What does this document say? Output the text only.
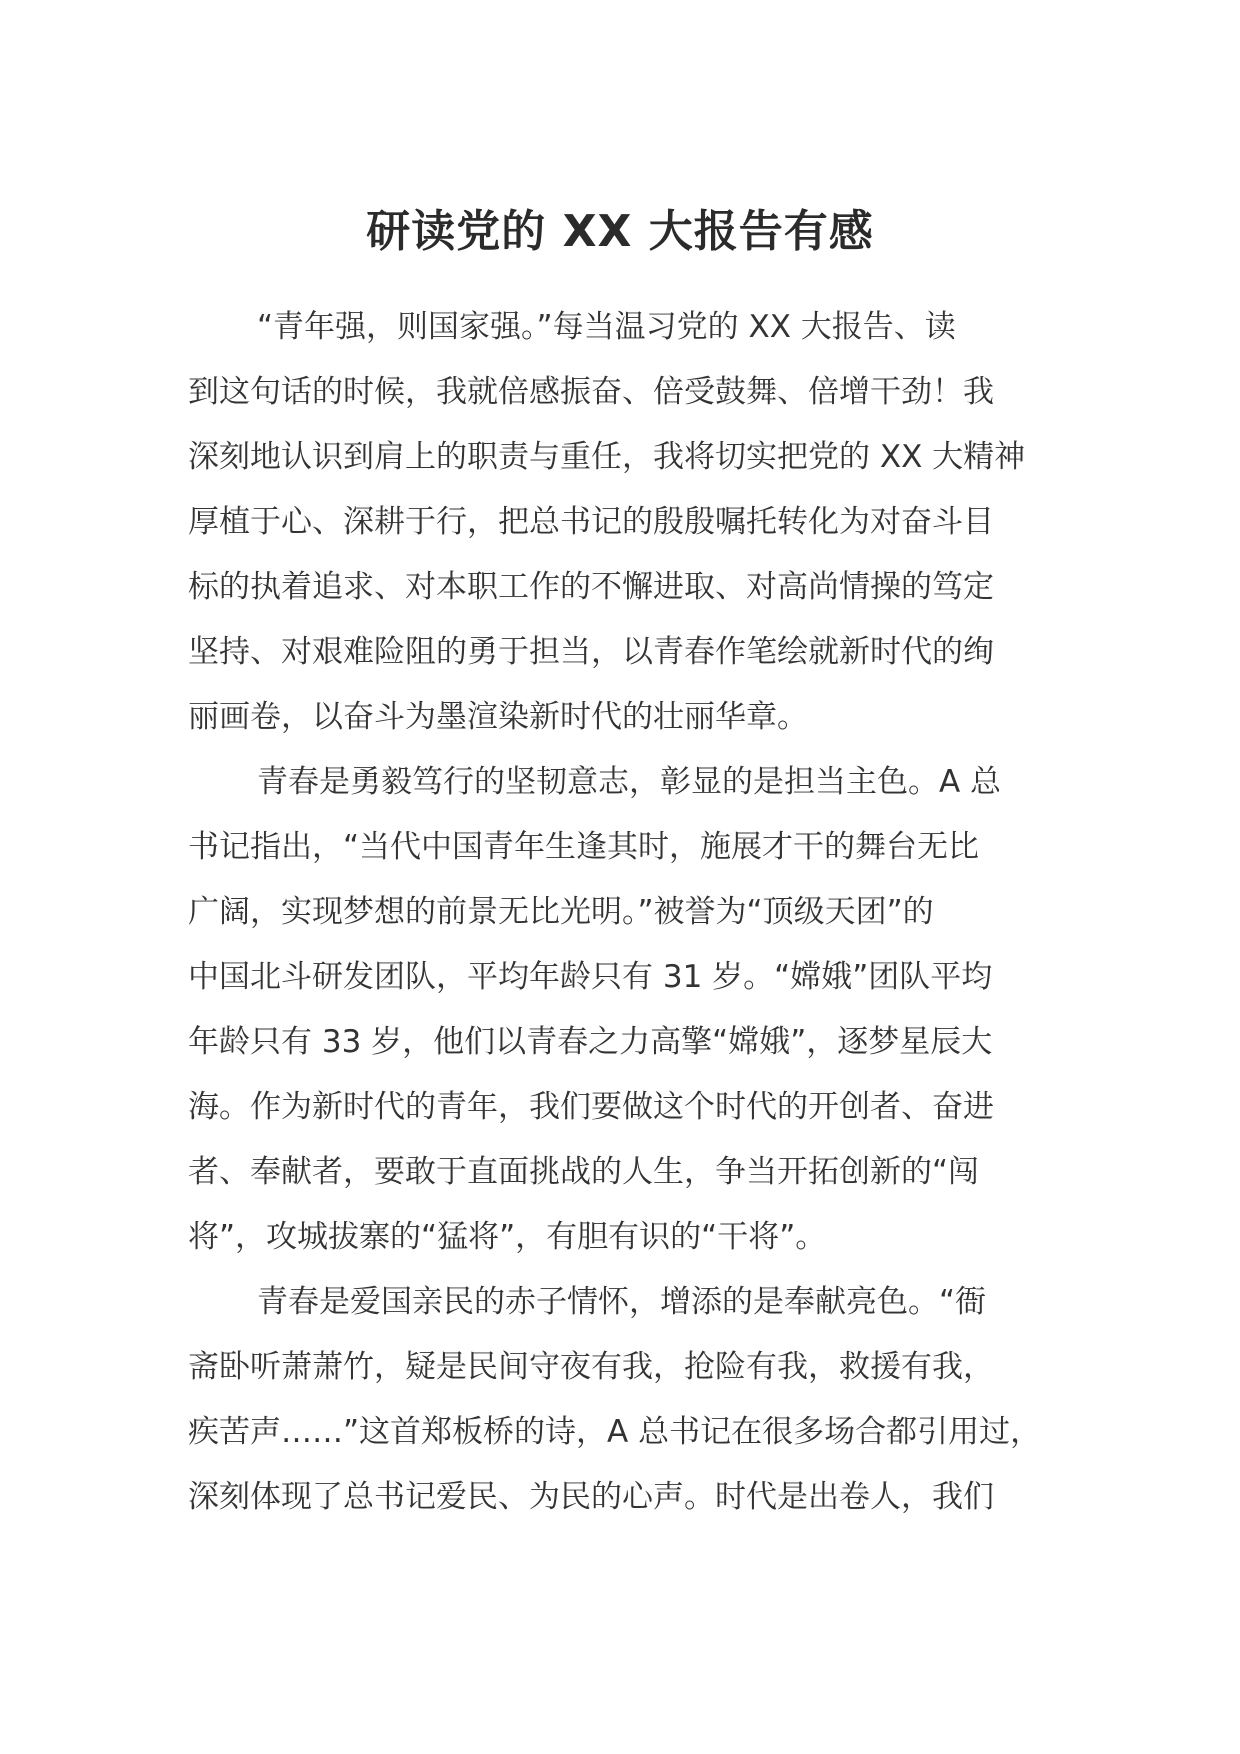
研读党的 XX 大报告有感

“青年强，则国家强。”每当温习党的 XX 大报告、读
到这句话的时候，我就倍感振奋、倍受鼓舞、倍增干劲！我
深刻地认识到肩上的职责与重任，我将切实把党的 XX 大精神
厚植于心、深耕于行，把总书记的殷殷嘱托转化为对奋斗目
标的执着追求、对本职工作的不懈进取、对高尚情操的笃定
坚持、对艰难险阻的勇于担当，以青春作笔绘就新时代的绚
丽画卷，以奋斗为墨渲染新时代的壮丽华章。

青春是勇毅笃行的坚韧意志，彰显的是担当主色。A 总
书记指出，“当代中国青年生逢其时，施展才干的舞台无比
广阔，实现梦想的前景无比光明。”被誉为“顶级天团”的
中国北斗研发团队，平均年龄只有 31 岁。“嫦娥”团队平均
年龄只有 33 岁，他们以青春之力高擎“嫦娥”，逐梦星辰大
海。作为新时代的青年，我们要做这个时代的开创者、奋进
者、奉献者，要敢于直面挑战的人生，争当开拓创新的“闯
将”，攻城拔寨的“猛将”，有胆有识的“干将”。

青春是爱国亲民的赤子情怀，增添的是奉献亮色。“衙
斋卧听萧萧竹，疑是民间守夜有我，抢险有我，救援有我，
疾苦声……”这首郑板桥的诗，A 总书记在很多场合都引用过，
深刻体现了总书记爱民、为民的心声。时代是出卷人，我们
